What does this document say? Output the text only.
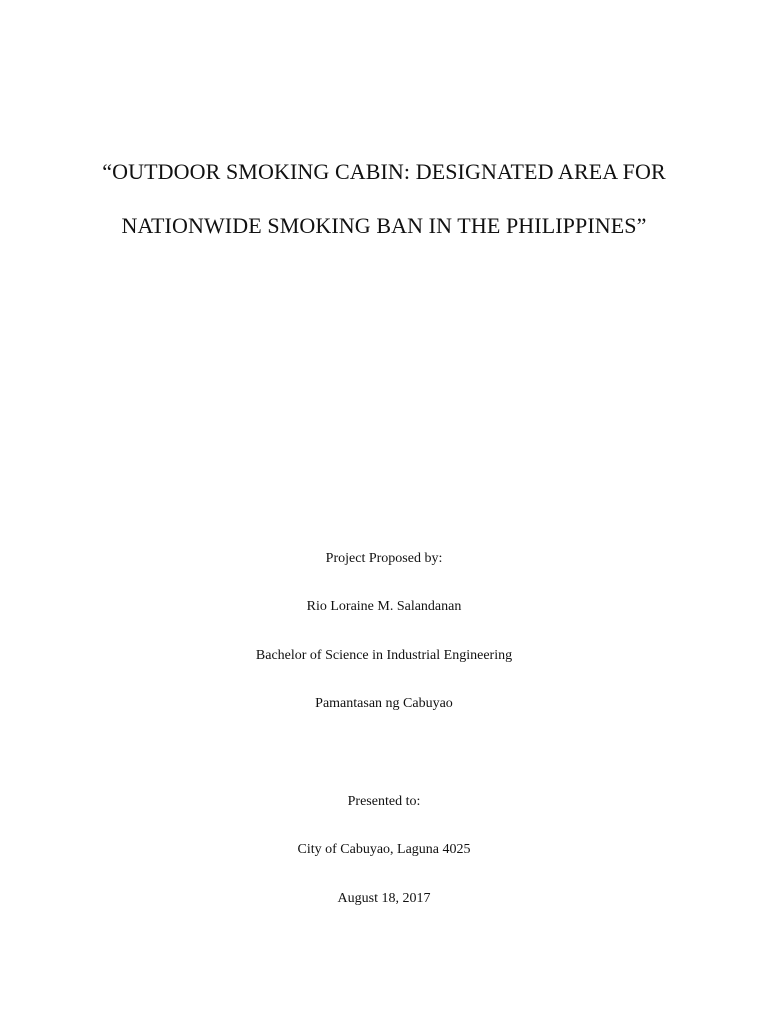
“OUTDOOR SMOKING CABIN: DESIGNATED AREA FOR
NATIONWIDE SMOKING BAN IN THE PHILIPPINES”
Project Proposed by:
Rio Loraine M. Salandanan
Bachelor of Science in Industrial Engineering
Pamantasan ng Cabuyao
Presented to:
City of Cabuyao, Laguna 4025
August 18, 2017
